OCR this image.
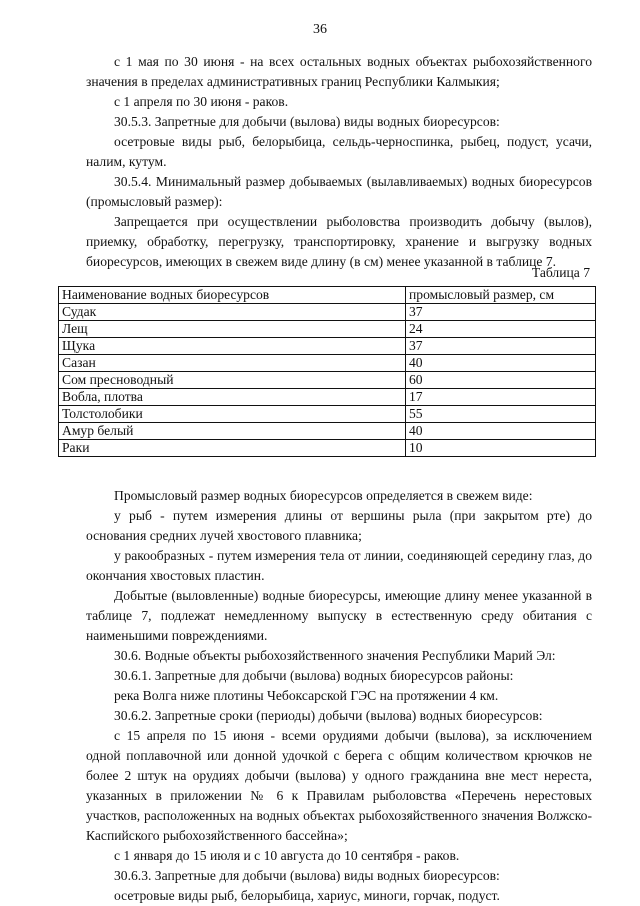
36

с 1 мая по 30 июня - на всех остальных водных объектах рыбохозяйственного значения в пределах административных границ Республики Калмыкия;

с 1 апреля по 30 июня - раков.

30.5.3. Запретные для добычи (вылова) виды водных биоресурсов:

осетровые виды рыб, белорыбица, сельдь-черноспинка, рыбец, подуст, усачи, налим, кутум.

30.5.4. Минимальный размер добываемых (вылавливаемых) водных биоресурсов (промысловый размер):

Запрещается при осуществлении рыболовства производить добычу (вылов), приемку, обработку, перегрузку, транспортировку, хранение и выгрузку водных биоресурсов, имеющих в свежем виде длину (в см) менее указанной в таблице 7.

Таблица 7
Наименование водных биоресурсов	промысловый размер, см
Судак	37
Лещ	24
Щука	37
Сазан	40
Сом пресноводный	60
Вобла, плотва	17
Толстолобики	55
Амур белый	40
Раки	10

Промысловый размер водных биоресурсов определяется в свежем виде:

у рыб - путем измерения длины от вершины рыла (при закрытом рте) до основания средних лучей хвостового плавника;

у ракообразных - путем измерения тела от линии, соединяющей середину глаз, до окончания хвостовых пластин.

Добытые (выловленные) водные биоресурсы, имеющие длину менее указанной в таблице 7, подлежат немедленному выпуску в естественную среду обитания с наименьшими повреждениями.

30.6. Водные объекты рыбохозяйственного значения Республики Марий Эл:

30.6.1. Запретные для добычи (вылова) водных биоресурсов районы:

река Волга ниже плотины Чебоксарской ГЭС на протяжении 4 км.

30.6.2. Запретные сроки (периоды) добычи (вылова) водных биоресурсов:

с 15 апреля по 15 июня - всеми орудиями добычи (вылова), за исключением одной поплавочной или донной удочкой с берега с общим количеством крючков не более 2 штук на орудиях добычи (вылова) у одного гражданина вне мест нереста, указанных в приложении № 6 к Правилам рыболовства «Перечень нерестовых участков, расположенных на водных объектах рыбохозяйственного значения Волжско-Каспийского рыбохозяйственного бассейна»;

с 1 января до 15 июля и с 10 августа до 10 сентября - раков.

30.6.3. Запретные для добычи (вылова) виды водных биоресурсов:

осетровые виды рыб, белорыбица, хариус, миноги, горчак, подуст.
